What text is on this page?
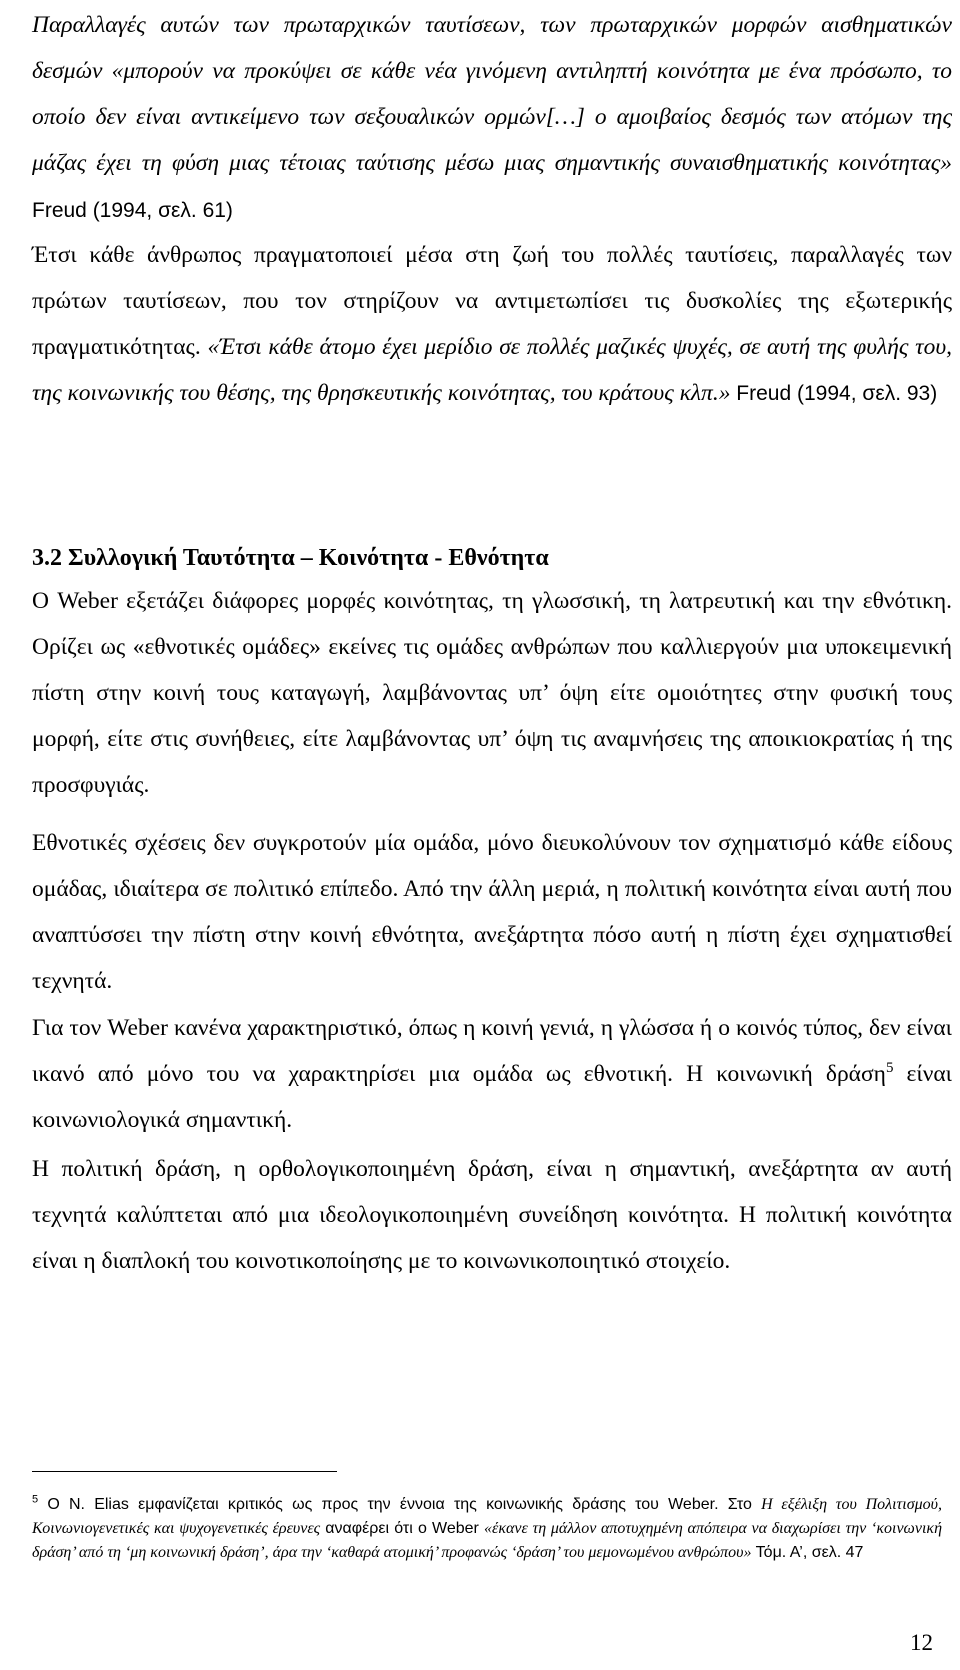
Παραλλαγές αυτών των πρωταρχικών ταυτίσεων, των πρωταρχικών μορφών αισθηματικών δεσμών «μπορούν να προκύψει σε κάθε νέα γινόμενη αντιληπτή κοινότητα με ένα πρόσωπο, το οποίο δεν είναι αντικείμενο των σεξουαλικών ορμών[…] ο αμοιβαίος δεσμός των ατόμων της μάζας έχει τη φύση μιας τέτοιας ταύτισης μέσω μιας σημαντικής συναισθηματικής κοινότητας» Freud (1994, σελ. 61)

Έτσι κάθε άνθρωπος πραγματοποιεί μέσα στη ζωή του πολλές ταυτίσεις, παραλλαγές των πρώτων ταυτίσεων, που τον στηρίζουν να αντιμετωπίσει τις δυσκολίες της εξωτερικής πραγματικότητας. «Έτσι κάθε άτομο έχει μερίδιο σε πολλές μαζικές ψυχές, σε αυτή της φυλής του, της κοινωνικής του θέσης, της θρησκευτικής κοινότητας, του κράτους κλπ.» Freud (1994, σελ. 93)

3.2 Συλλογική Ταυτότητα – Κοινότητα - Εθνότητα

Ο Weber εξετάζει διάφορες μορφές κοινότητας, τη γλωσσική, τη λατρευτική και την εθνότικη. Ορίζει ως «εθνοτικές ομάδες» εκείνες τις ομάδες ανθρώπων που καλλιεργούν μια υποκειμενική πίστη στην κοινή τους καταγωγή, λαμβάνοντας υπ’ όψη είτε ομοιότητες στην φυσική τους μορφή, είτε στις συνήθειες, είτε λαμβάνοντας υπ’ όψη τις αναμνήσεις της αποικιοκρατίας ή της προσφυγιάς.

Εθνοτικές σχέσεις δεν συγκροτούν μία ομάδα, μόνο διευκολύνουν τον σχηματισμό κάθε είδους ομάδας, ιδιαίτερα σε πολιτικό επίπεδο. Από την άλλη μεριά, η πολιτική κοινότητα είναι αυτή που αναπτύσσει την πίστη στην κοινή εθνότητα, ανεξάρτητα πόσο αυτή η πίστη έχει σχηματισθεί τεχνητά.

Για τον Weber κανένα χαρακτηριστικό, όπως η κοινή γενιά, η γλώσσα ή ο κοινός τύπος, δεν είναι ικανό από μόνο του να χαρακτηρίσει μια ομάδα ως εθνοτική. Η κοινωνική δράση$^5$ είναι κοινωνιολογικά σημαντική.

Η πολιτική δράση, η ορθολογικοποιημένη δράση, είναι η σημαντική, ανεξάρτητα αν αυτή τεχνητά καλύπτεται από μια ιδεολογικοποιημένη συνείδηση κοινότητα. Η πολιτική κοινότητα είναι η διαπλοκή του κοινοτικοποίησης με το κοινωνικοποιητικό στοιχείο.

$^5$ Ο Ν. Elias εμφανίζεται κριτικός ως προς την έννοια της κοινωνικής δράσης του Weber. Στο Η εξέλιξη του Πολιτισμού, Κοινωνιογενετικές και ψυχογενετικές έρευνες αναφέρει ότι ο Weber «έκανε τη μάλλον αποτυχημένη απόπειρα να διαχωρίσει την ‘κοινωνική δράση’ από τη ‘μη κοινωνική δράση’, άρα την ‘καθαρά ατομική’ προφανώς ‘δράση’ του μεμονωμένου ανθρώπου» Τόμ. Α’, σελ. 47

12
